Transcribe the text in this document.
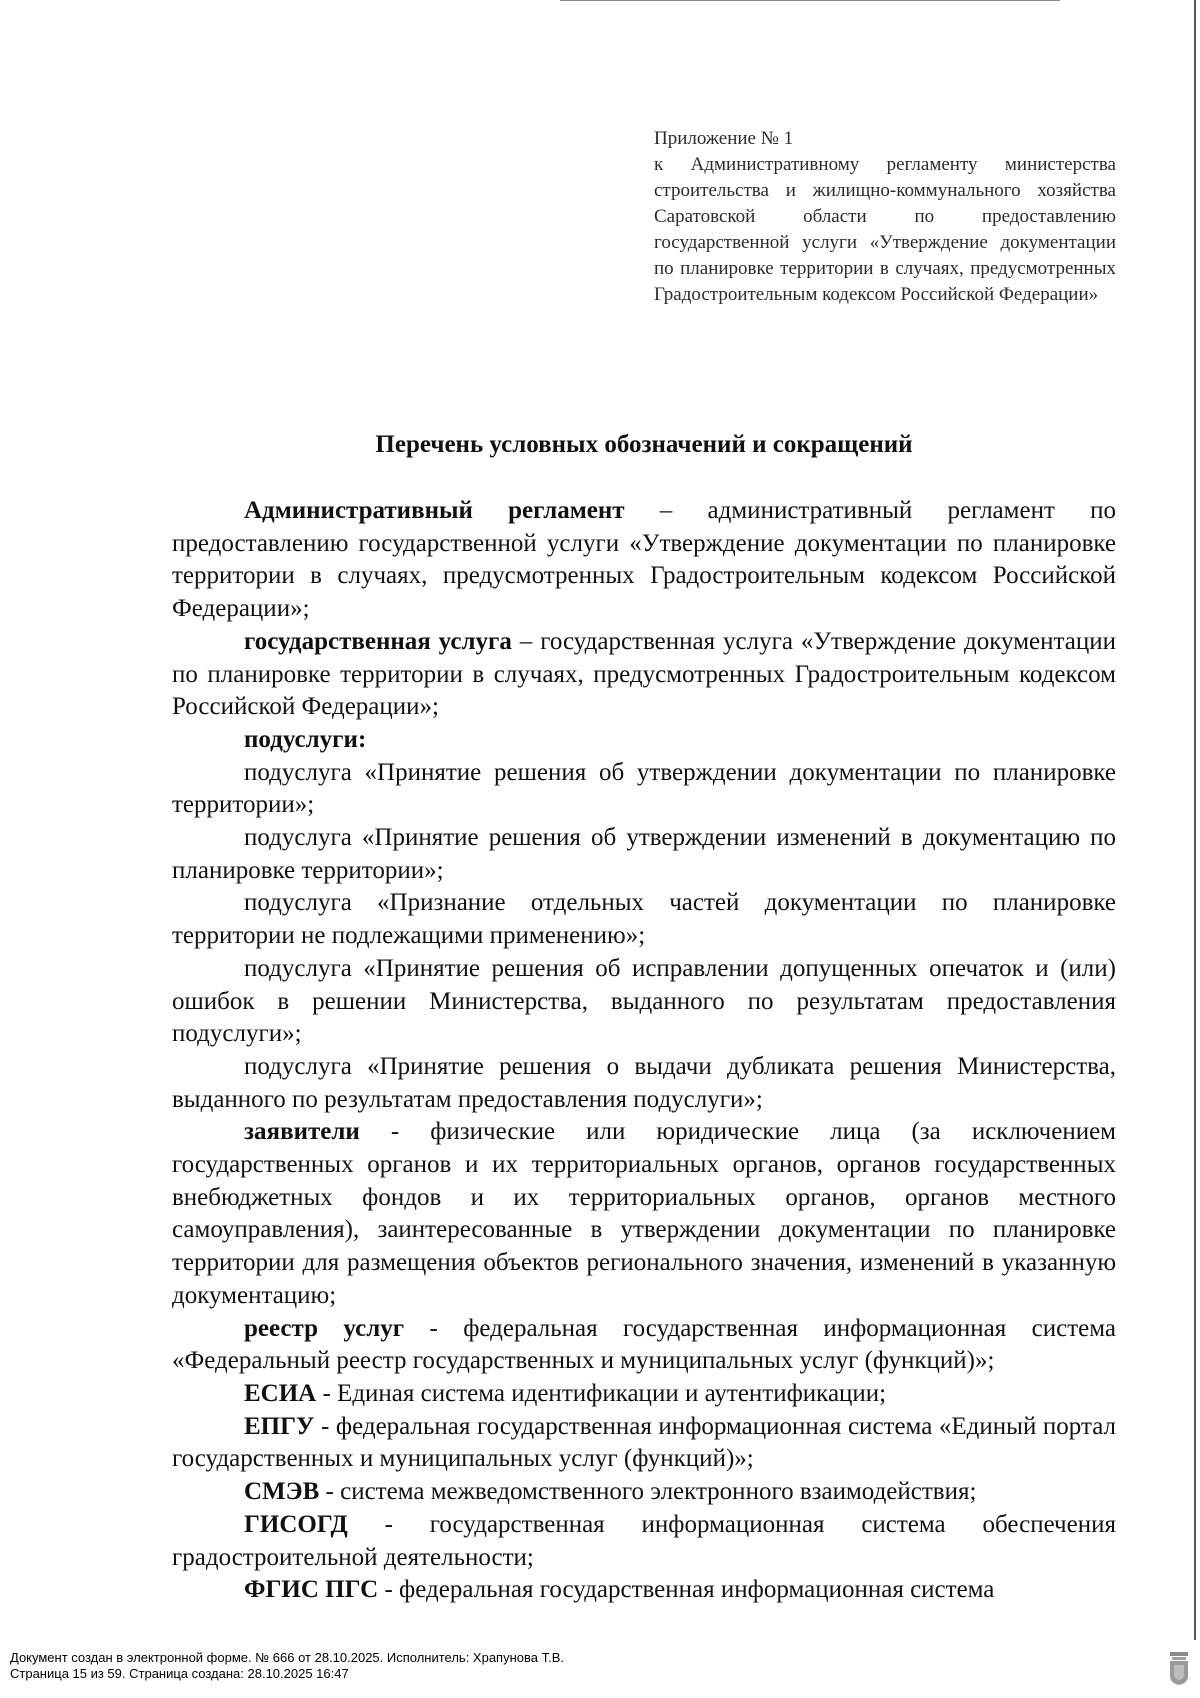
Приложение № 1
к Административному регламенту министерства строительства и жилищно-коммунального хозяйства Саратовской области по предоставлению государственной услуги «Утверждение документации по планировке территории в случаях, предусмотренных Градостроительным кодексом Российской Федерации»
Перечень условных обозначений и сокращений

Административный регламент – административный регламент по предоставлению государственной услуги «Утверждение документации по планировке территории в случаях, предусмотренных Градостроительным кодексом Российской Федерации»;

государственная услуга – государственная услуга «Утверждение документации по планировке территории в случаях, предусмотренных Градостроительным кодексом Российской Федерации»;

подуслуги:

подуслуга «Принятие решения об утверждении документации по планировке территории»;

подуслуга «Принятие решения об утверждении изменений в документацию по планировке территории»;

подуслуга «Признание отдельных частей документации по планировке территории не подлежащими применению»;

подуслуга «Принятие решения об исправлении допущенных опечаток и (или) ошибок в решении Министерства, выданного по результатам предоставления подуслуги»;

подуслуга «Принятие решения о выдачи дубликата решения Министерства, выданного по результатам предоставления подуслуги»;

заявители - физические или юридические лица (за исключением государственных органов и их территориальных органов, органов государственных внебюджетных фондов и их территориальных органов, органов местного самоуправления), заинтересованные в утверждении документации по планировке территории для размещения объектов регионального значения, изменений в указанную документацию;

реестр услуг - федеральная государственная информационная система «Федеральный реестр государственных и муниципальных услуг (функций)»;

ЕСИА - Единая система идентификации и аутентификации;

ЕПГУ - федеральная государственная информационная система «Единый портал государственных и муниципальных услуг (функций)»;

СМЭВ - система межведомственного электронного взаимодействия;

ГИСОГД - государственная информационная система обеспечения градостроительной деятельности;

ФГИС ПГС - федеральная государственная информационная система

Документ создан в электронной форме. № 666 от 28.10.2025. Исполнитель: Храпунова Т.В.
Страница 15 из 59. Страница создана: 28.10.2025 16:47
